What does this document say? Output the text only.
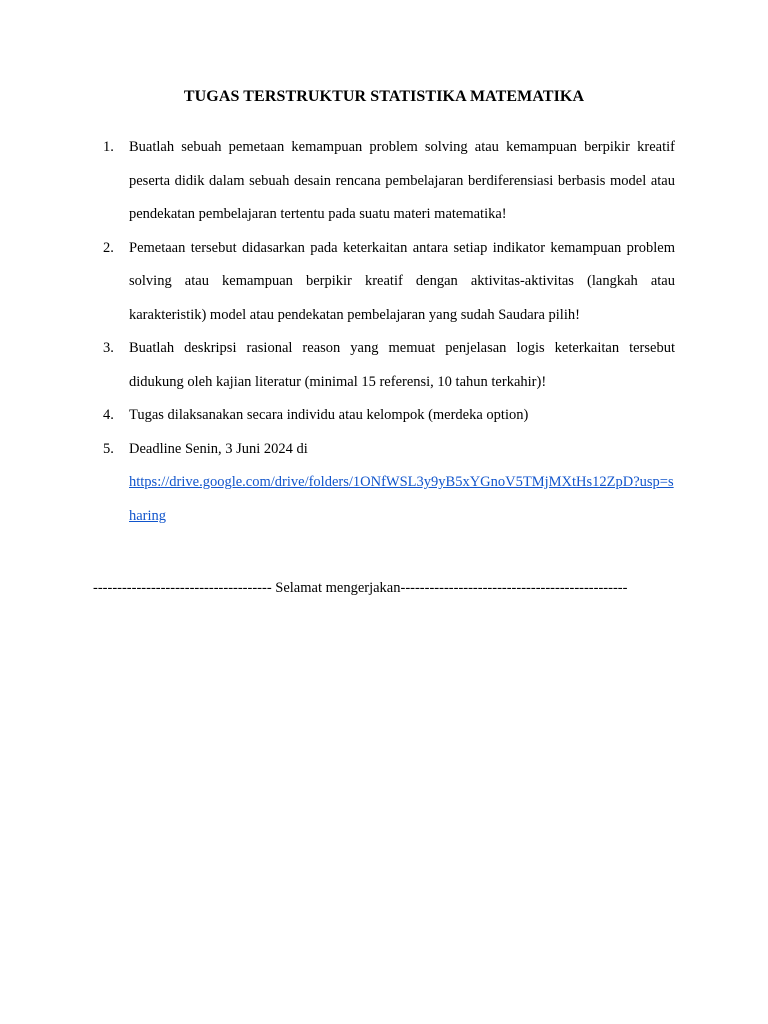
TUGAS TERSTRUKTUR STATISTIKA MATEMATIKA
1.	Buatlah sebuah pemetaan kemampuan problem solving atau kemampuan berpikir kreatif peserta didik dalam sebuah desain rencana pembelajaran berdiferensiasi berbasis model atau pendekatan pembelajaran tertentu pada suatu materi matematika!
2.	Pemetaan tersebut didasarkan pada keterkaitan antara setiap indikator kemampuan problem solving atau kemampuan berpikir kreatif dengan aktivitas-aktivitas (langkah atau karakteristik) model atau pendekatan pembelajaran yang sudah Saudara pilih!
3.	Buatlah deskripsi rasional reason yang memuat penjelasan logis keterkaitan tersebut didukung oleh kajian literatur (minimal 15 referensi, 10 tahun terkahir)!
4.	Tugas dilaksanakan secara individu atau kelompok (merdeka option)
5.	Deadline Senin, 3 Juni 2024 di
https://drive.google.com/drive/folders/1ONfWSL3y9yB5xYGnoV5TMjMXtHs12ZpD?usp=sharing
------------------------------------- Selamat mengerjakan-----------------------------------------------
